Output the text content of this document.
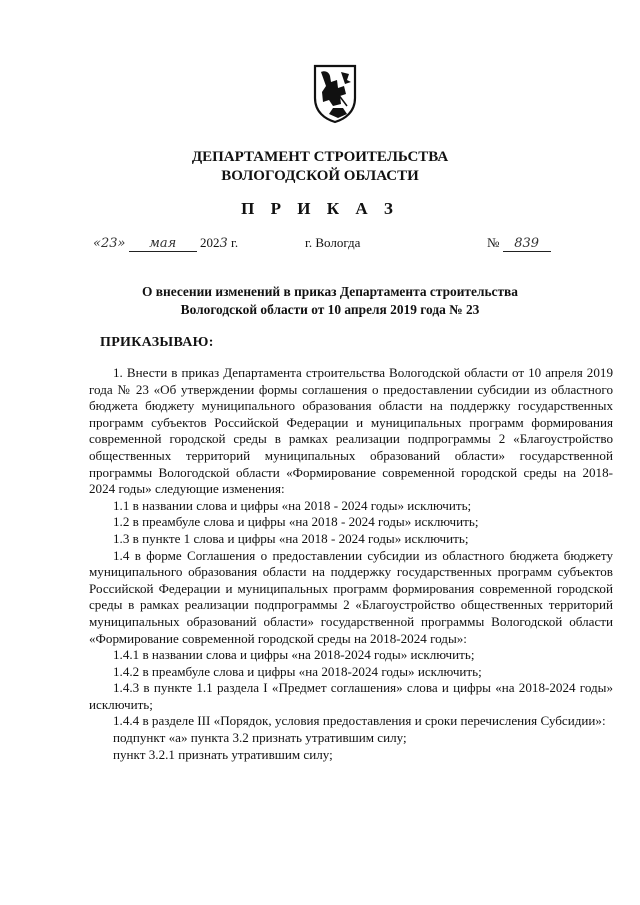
ДЕПАРТАМЕНТ СТРОИТЕЛЬСТВА
ВОЛОГОДСКОЙ ОБЛАСТИ
П Р И К А З
«23» мая 2023 г.	г. Вологда	№ 839
О внесении изменений в приказ Департамента строительства
Вологодской области от 10 апреля 2019 года № 23
ПРИКАЗЫВАЮ:

1. Внести в приказ Департамента строительства Вологодской области от 10 апреля 2019 года № 23 «Об утверждении формы соглашения о предоставлении субсидии из областного бюджета бюджету муниципального образования области на поддержку государственных программ субъектов Российской Федерации и муниципальных программ формирования современной городской среды в рамках реализации подпрограммы 2 «Благоустройство общественных территорий муниципальных образований области» государственной программы Вологодской области «Формирование современной городской среды на 2018-2024 годы» следующие изменения:

1.1 в названии слова и цифры «на 2018 - 2024 годы» исключить;

1.2 в преамбуле слова и цифры «на 2018 - 2024 годы» исключить;

1.3 в пункте 1 слова и цифры «на 2018 - 2024 годы» исключить;

1.4 в форме Соглашения о предоставлении субсидии из областного бюджета бюджету муниципального образования области на поддержку государственных программ субъектов Российской Федерации и муниципальных программ формирования современной городской среды в рамках реализации подпрограммы 2 «Благоустройство общественных территорий муниципальных образований области» государственной программы Вологодской области «Формирование современной городской среды на 2018-2024 годы»:

1.4.1 в названии слова и цифры «на 2018-2024 годы» исключить;

1.4.2 в преамбуле слова и цифры «на 2018-2024 годы» исключить;

1.4.3 в пункте 1.1 раздела I «Предмет соглашения» слова и цифры «на 2018-2024 годы» исключить;

1.4.4 в разделе III «Порядок, условия предоставления и сроки перечисления Субсидии»:

подпункт «а» пункта 3.2 признать утратившим силу;

пункт 3.2.1 признать утратившим силу;
